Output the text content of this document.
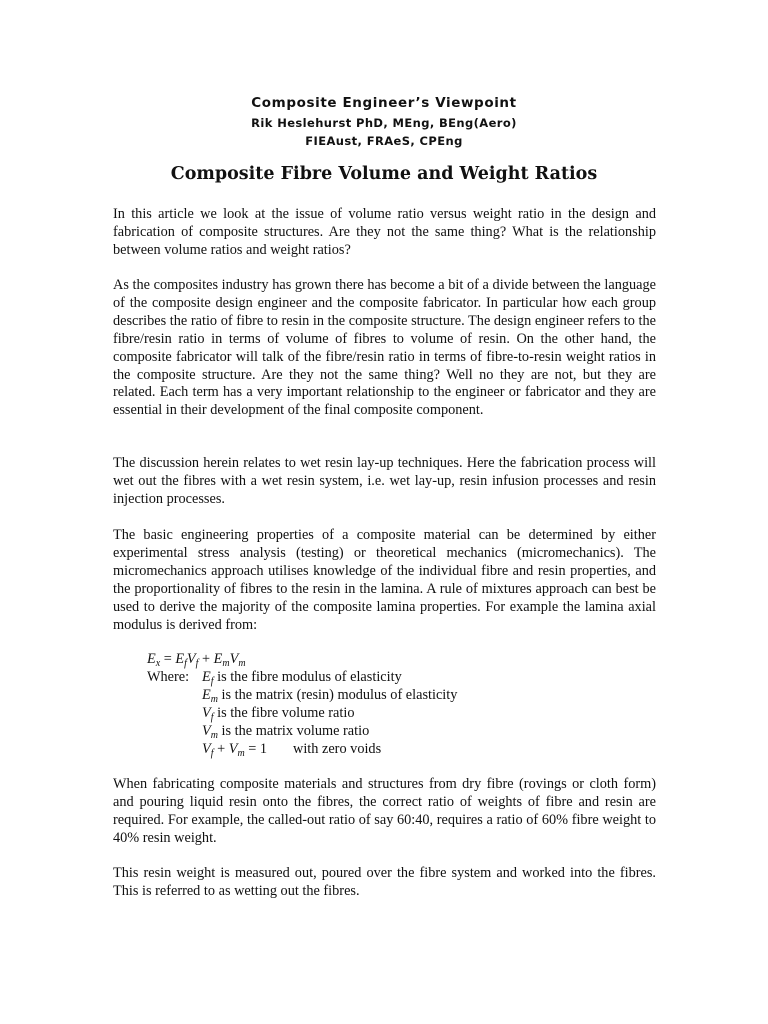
Composite Engineer’s Viewpoint
Rik Heslehurst PhD, MEng, BEng(Aero)
FIEAust, FRAeS, CPEng
Composite Fibre Volume and Weight Ratios

In this article we look at the issue of volume ratio versus weight ratio in the design and fabrication of composite structures. Are they not the same thing? What is the relationship between volume ratios and weight ratios?

As the composites industry has grown there has become a bit of a divide between the language of the composite design engineer and the composite fabricator. In particular how each group describes the ratio of fibre to resin in the composite structure. The design engineer refers to the fibre/resin ratio in terms of volume of fibres to volume of resin. On the other hand, the composite fabricator will talk of the fibre/resin ratio in terms of fibre-to-resin weight ratios in the composite structure. Are they not the same thing? Well no they are not, but they are related. Each term has a very important relationship to the engineer or fabricator and they are essential in their development of the final composite component.

The discussion herein relates to wet resin lay-up techniques. Here the fabrication process will wet out the fibres with a wet resin system, i.e. wet lay-up, resin infusion processes and resin injection processes.

The basic engineering properties of a composite material can be determined by either experimental stress analysis (testing) or theoretical mechanics (micromechanics). The micromechanics approach utilises knowledge of the individual fibre and resin properties, and the proportionality of fibres to the resin in the lamina. A rule of mixtures approach can best be used to derive the majority of the composite lamina properties. For example the lamina axial modulus is derived from:

$E_x = E_fV_f + E_mV_m$
Where: $E_f$ is the fibre modulus of elasticity
$E_m$ is the matrix (resin) modulus of elasticity
$V_f$ is the fibre volume ratio
$V_m$ is the matrix volume ratio
$V_f + V_m = 1$ with zero voids

When fabricating composite materials and structures from dry fibre (rovings or cloth form) and pouring liquid resin onto the fibres, the correct ratio of weights of fibre and resin are required. For example, the called-out ratio of say 60:40, requires a ratio of 60% fibre weight to 40% resin weight.

This resin weight is measured out, poured over the fibre system and worked into the fibres. This is referred to as wetting out the fibres.
